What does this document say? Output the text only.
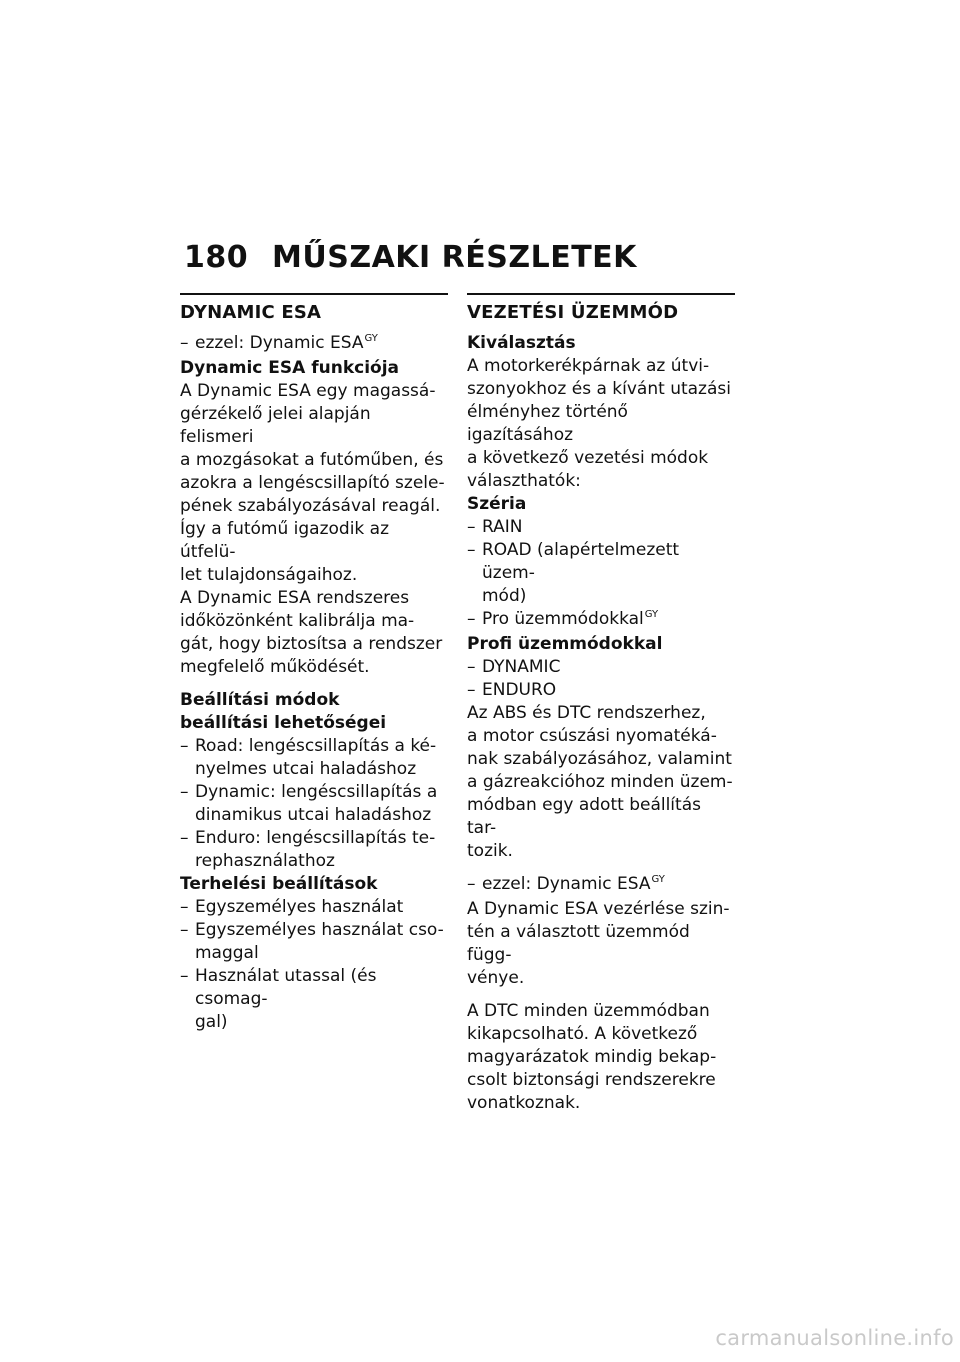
180 MŰSZAKI RÉSZLETEK
DYNAMIC ESA
– ezzel: Dynamic $ESA^{GY}$
Dynamic ESA funkciója
A Dynamic ESA egy magassá-
gérzékelő jelei alapján felismeri
a mozgásokat a futóműben, és
azokra a lengéscsillapító szele-
pének szabályozásával reagál.
Így a futómű igazodik az útfelü-
let tulajdonságaihoz.
A Dynamic ESA rendszeres
időközönként kalibrálja ma-
gát, hogy biztosítsa a rendszer
megfelelő működését.
Beállítási módok
beállítási lehetőségei
– Road: lengéscsillapítás a ké-
nyelmes utcai haladáshoz
– Dynamic: lengéscsillapítás a
dinamikus utcai haladáshoz
– Enduro: lengéscsillapítás te-
rephasználathoz
Terhelési beállítások
– Egyszemélyes használat
– Egyszemélyes használat cso-
maggal
– Használat utassal (és csomag-
gal)
VEZETÉSI ÜZEMMÓD
Kiválasztás
A motorkerékpárnak az útvi-
szonyokhoz és a kívánt utazási
élményhez történő igazításához
a következő vezetési módok
választhatók:
Széria
– RAIN
– ROAD (alapértelmezett üzem-
mód)
– Pro üzemmódokkal$^{GY}$
Profi üzemmódokkal
– DYNAMIC
– ENDURO
Az ABS és DTC rendszerhez,
a motor csúszási nyomatéká-
nak szabályozásához, valamint
a gázreakcióhoz minden üzem-
módban egy adott beállítás tar-
tozik.
– ezzel: Dynamic $ESA^{GY}$
A Dynamic ESA vezérlése szin-
tén a választott üzemmód függ-
vénye.
A DTC minden üzemmódban
kikapcsolható. A következő
magyarázatok mindig bekap-
csolt biztonsági rendszerekre
vonatkoznak.
carmanualsonline.info
